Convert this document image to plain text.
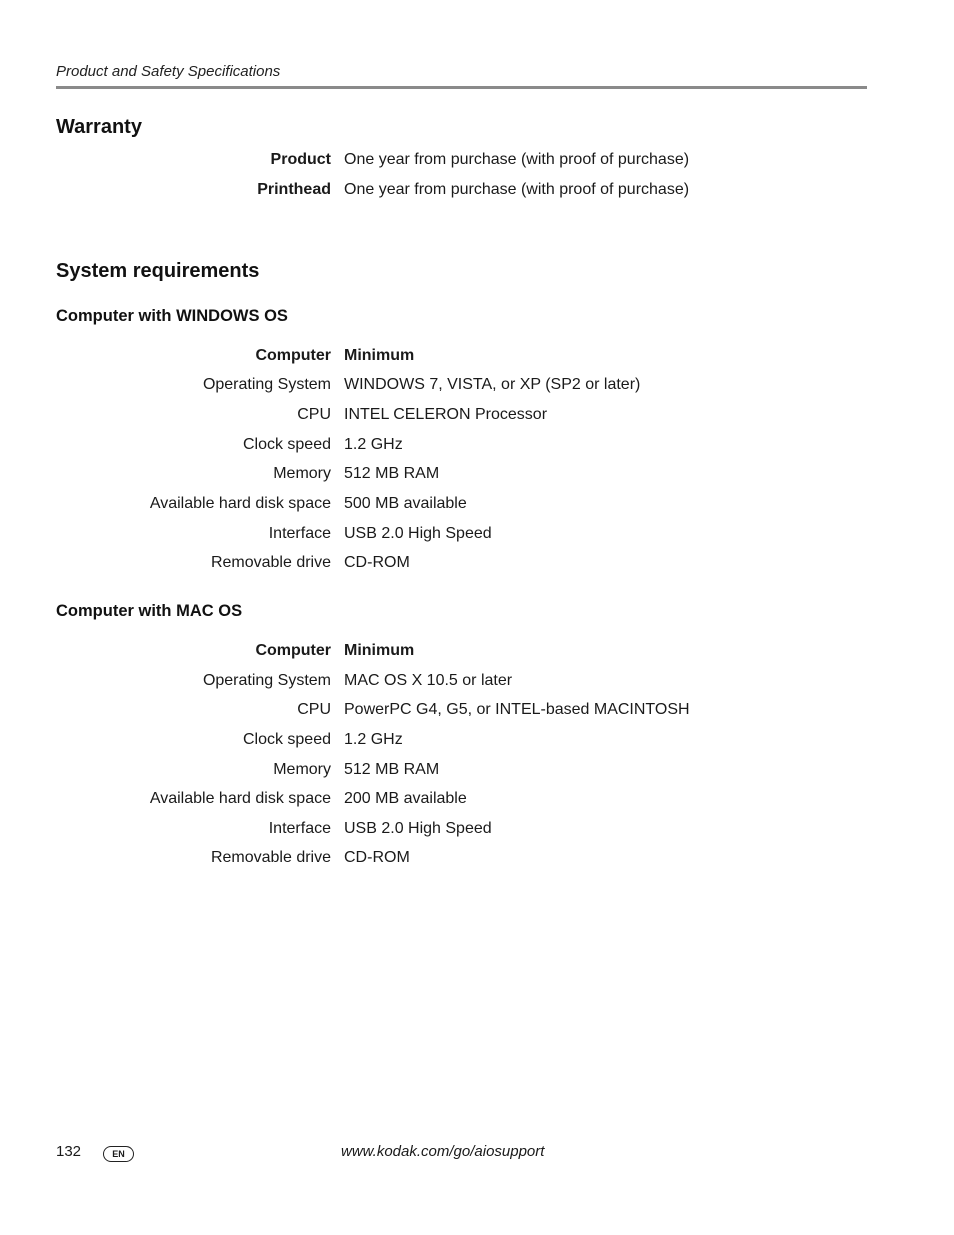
Product and Safety Specifications
Warranty
Product One year from purchase (with proof of purchase)
Printhead One year from purchase (with proof of purchase)
System requirements
Computer with WINDOWS OS
Computer Minimum
Operating System WINDOWS 7, VISTA, or XP (SP2 or later)
CPU INTEL CELERON Processor
Clock speed 1.2 GHz
Memory 512 MB RAM
Available hard disk space 500 MB available
Interface USB 2.0 High Speed
Removable drive CD-ROM
Computer with MAC OS
Computer Minimum
Operating System MAC OS X 10.5 or later
CPU PowerPC G4, G5, or INTEL-based MACINTOSH
Clock speed 1.2 GHz
Memory 512 MB RAM
Available hard disk space 200 MB available
Interface USB 2.0 High Speed
Removable drive CD-ROM
132	EN	www.kodak.com/go/aiosupport
